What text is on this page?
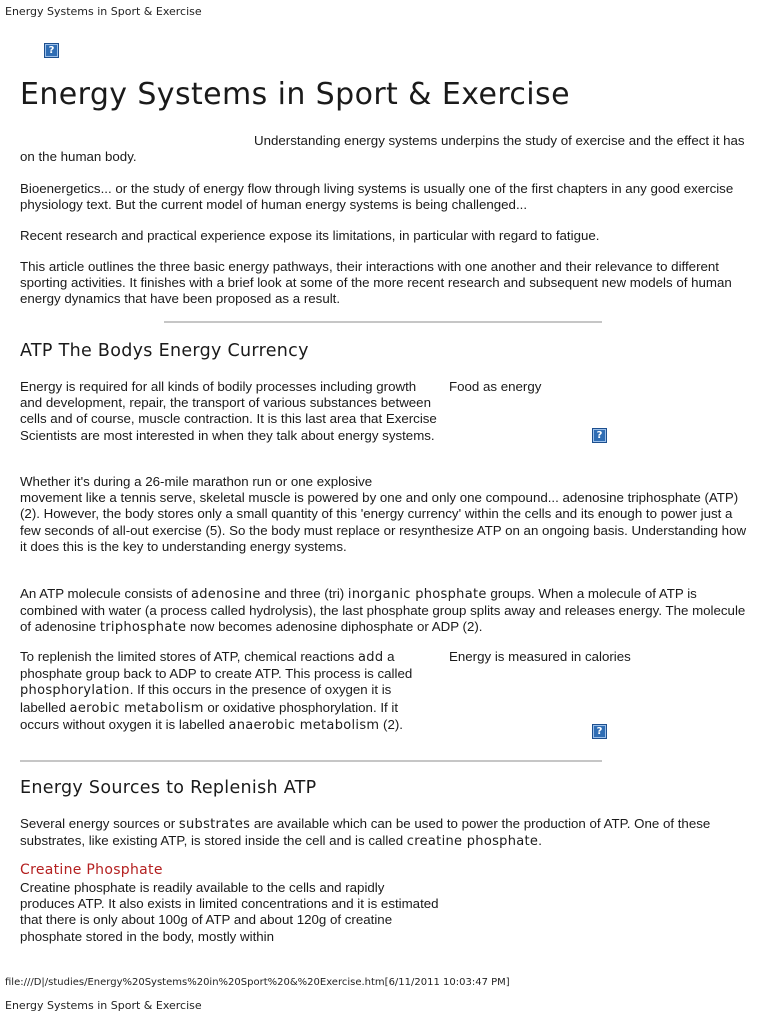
Energy Systems in Sport & Exercise
?
Energy Systems in Sport & Exercise
Understanding energy systems underpins the study of exercise and the effect it has on the human body.
Bioenergetics... or the study of energy flow through living systems is usually one of the first chapters in any good exercise physiology text. But the current model of human energy systems is being challenged...
Recent research and practical experience expose its limitations, in particular with regard to fatigue.
This article outlines the three basic energy pathways, their interactions with one another and their relevance to different sporting activities. It finishes with a brief look at some of the more recent research and subsequent new models of human energy dynamics that have been proposed as a result.
ATP The Bodys Energy Currency
Energy is required for all kinds of bodily processes including growth and development, repair, the transport of various substances between cells and of course, muscle contraction. It is this last area that Exercise Scientists are most interested in when they talk about energy systems.
Food as energy
?
Whether it's during a 26-mile marathon run or one explosive movement like a tennis serve, skeletal muscle is powered by one and only one compound... adenosine triphosphate (ATP) (2). However, the body stores only a small quantity of this 'energy currency' within the cells and its enough to power just a few seconds of all-out exercise (5). So the body must replace or resynthesize ATP on an ongoing basis. Understanding how it does this is the key to understanding energy systems.
An ATP molecule consists of adenosine and three (tri) inorganic phosphate groups. When a molecule of ATP is combined with water (a process called hydrolysis), the last phosphate group splits away and releases energy. The molecule of adenosine triphosphate now becomes adenosine diphosphate or ADP (2).
To replenish the limited stores of ATP, chemical reactions add a phosphate group back to ADP to create ATP. This process is called phosphorylation. If this occurs in the presence of oxygen it is labelled aerobic metabolism or oxidative phosphorylation. If it occurs without oxygen it is labelled anaerobic metabolism (2).
Energy is measured in calories
?
Energy Sources to Replenish ATP
Several energy sources or substrates are available which can be used to power the production of ATP. One of these substrates, like existing ATP, is stored inside the cell and is called creatine phosphate.
Creatine Phosphate
Creatine phosphate is readily available to the cells and rapidly produces ATP. It also exists in limited concentrations and it is estimated that there is only about 100g of ATP and about 120g of creatine phosphate stored in the body, mostly within
file:///D|/studies/Energy%20Systems%20in%20Sport%20&%20Exercise.htm[6/11/2011 10:03:47 PM]
Energy Systems in Sport & Exercise
